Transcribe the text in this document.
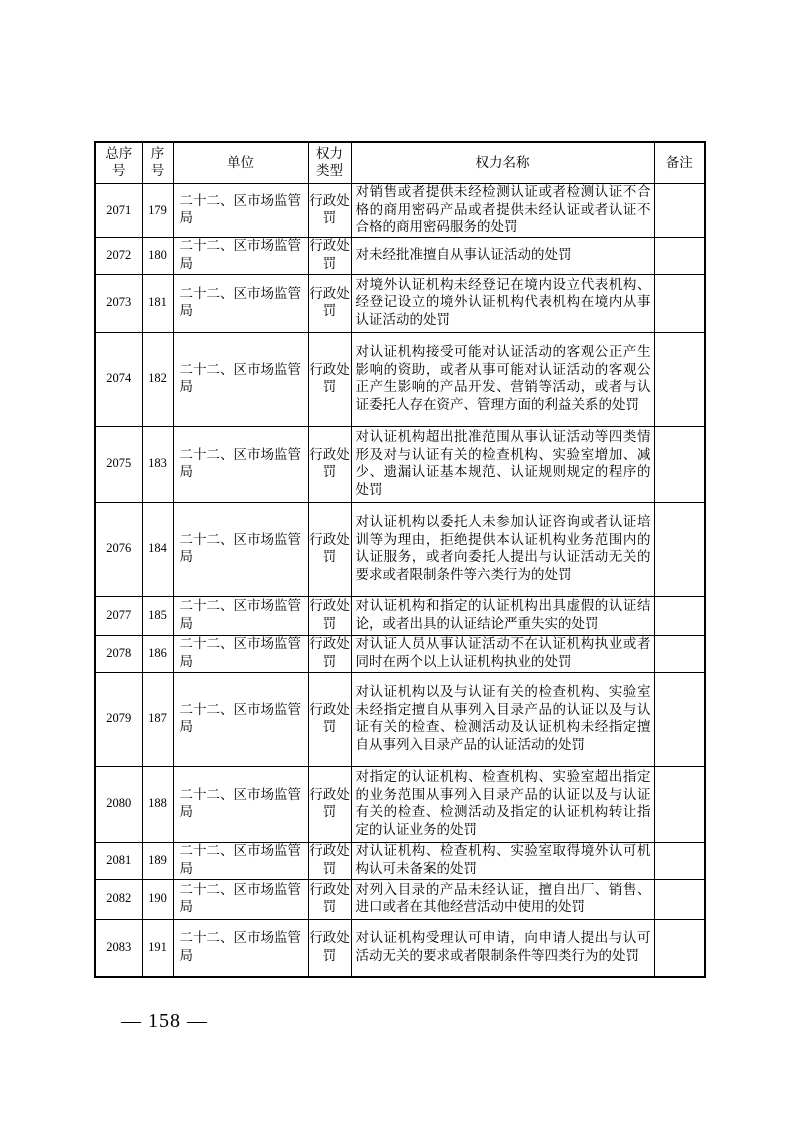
总序号	序号	单位	权力类型	权力名称	备注
2071	179	二十二、区市场监管局	行政处罚	对销售或者提供未经检测认证或者检测认证不合格的商用密码产品或者提供未经认证或者认证不合格的商用密码服务的处罚	
2072	180	二十二、区市场监管局	行政处罚	对未经批准擅自从事认证活动的处罚	
2073	181	二十二、区市场监管局	行政处罚	对境外认证机构未经登记在境内设立代表机构、经登记设立的境外认证机构代表机构在境内从事认证活动的处罚	
2074	182	二十二、区市场监管局	行政处罚	对认证机构接受可能对认证活动的客观公正产生影响的资助，或者从事可能对认证活动的客观公正产生影响的产品开发、营销等活动，或者与认证委托人存在资产、管理方面的利益关系的处罚	
2075	183	二十二、区市场监管局	行政处罚	对认证机构超出批准范围从事认证活动等四类情形及对与认证有关的检查机构、实验室增加、减少、遗漏认证基本规范、认证规则规定的程序的处罚	
2076	184	二十二、区市场监管局	行政处罚	对认证机构以委托人未参加认证咨询或者认证培训等为理由，拒绝提供本认证机构业务范围内的认证服务，或者向委托人提出与认证活动无关的要求或者限制条件等六类行为的处罚	
2077	185	二十二、区市场监管局	行政处罚	对认证机构和指定的认证机构出具虚假的认证结论，或者出具的认证结论严重失实的处罚	
2078	186	二十二、区市场监管局	行政处罚	对认证人员从事认证活动不在认证机构执业或者同时在两个以上认证机构执业的处罚	
2079	187	二十二、区市场监管局	行政处罚	对认证机构以及与认证有关的检查机构、实验室未经指定擅自从事列入目录产品的认证以及与认证有关的检查、检测活动及认证机构未经指定擅自从事列入目录产品的认证活动的处罚	
2080	188	二十二、区市场监管局	行政处罚	对指定的认证机构、检查机构、实验室超出指定的业务范围从事列入目录产品的认证以及与认证有关的检查、检测活动及指定的认证机构转让指定的认证业务的处罚	
2081	189	二十二、区市场监管局	行政处罚	对认证机构、检查机构、实验室取得境外认可机构认可未备案的处罚	
2082	190	二十二、区市场监管局	行政处罚	对列入目录的产品未经认证，擅自出厂、销售、进口或者在其他经营活动中使用的处罚	
2083	191	二十二、区市场监管局	行政处罚	对认证机构受理认可申请，向申请人提出与认可活动无关的要求或者限制条件等四类行为的处罚	
— 158 —
